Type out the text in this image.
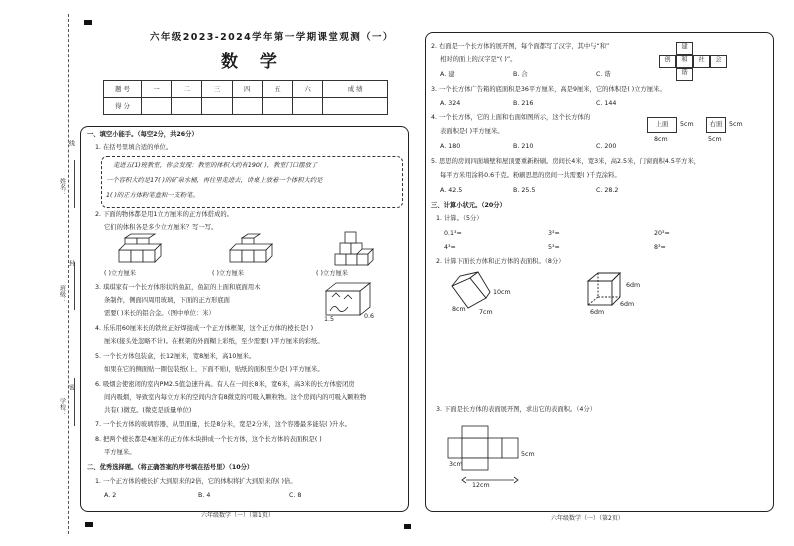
姓名：
班级：
学校：
线
封
密
六年级2023-2024学年第一学期课堂观测（一）
数 学
题 号	一	二	三	四	五	六	成 绩
得 分							
一、填空小能手。（每空2分，共26分）
1. 在括号里填合适的单位。
走进五(1)班教室，你会发现：教室的体积大约有190( )，教室门口摆放了
一个容积大约是17( )的矿泉水桶，再往里走进去，讲桌上放着一个体积大约是
1( )的正方体粉笔盒和一支粉笔。
2. 下面的物体都是用1立方厘米的正方体搭成的。
它们的体积各是多少立方厘米？写一写。
( )立方厘米	( )立方厘米	( )立方厘米
3. 琪琪家有一个长方体形状的鱼缸，鱼缸的上面和底面用木
条制作，侧面四周用玻璃，下面的正方形底面
需要( )米长的铝合金。（图中单位：米）
1.5	0.6
4. 乐乐用60厘米长的铁丝正好焊接成一个正方体框架，这个正方体的棱长是( )
厘米(接头处忽略不计)。在框架的外面糊上彩纸，至少需要( )平方厘米的彩纸。
5. 一个长方体包装盒，长12厘米，宽8厘米，高10厘米。
如果在它的侧面贴一圈包装纸(上、下面不贴)，贴纸的面积至少是( )平方厘米。
6. 吸烟会使密闭的室内PM2.5值急速升高。有人在一间长8米，宽6米，高3米的长方体密闭房
间内吸烟，导致室内每立方米的空间内含有8微克的可吸入颗粒物。这个房间内的可吸入颗粒物
共有( )微克。(微克是质量单位)
7. 一个长方体的玻璃容器，从里面量，长是8分米，宽是2分米，这个容器最多能装( )升水。
8. 把两个棱长都是4厘米的正方体木块拼成一个长方体，这个长方体的表面积是( )
平方厘米。
二、优秀选择题。（将正确答案的序号填在括号里）（10分）
1. 一个正方体的棱长扩大到原来的2倍，它的体积将扩大到原来的( )倍。
A. 2	B. 4	C. 8
六年级数学（一）（第1页）
2. 右面是一个长方体的展开图，每个面都写了汉字，其中与“和”
相对的面上的汉字是“( )”。
A. 建	B. 合	C. 谐
建
创	和	社	会
谐
3. 一个长方体广告箱的底面积是36平方厘米，高是9厘米，它的体积是( )立方厘米。
A. 324	B. 216	C. 144
4. 一个长方体，它的上面和右面如图所示，这个长方体的
表面积是( )平方厘米。
上面	5cm
8cm
右面	5cm
5cm
A. 180	B. 210	C. 200
5. 思思的房间四面墙壁和屋顶要重新粉刷。房间长4米，宽3米，高2.5米，门窗面积4.5平方米，
每平方米用涂料0.6千克。粉刷思思的房间一共需要( )千克涂料。
A. 42.5	B. 25.5	C. 28.2
三、计算小状元。（20分）
1. 计算。（5分）
0.1³=	3³=	20³=
4³=	5³=	8³=
2. 计算下面长方体和正方体的表面积。（8分）
10cm
7cm
8cm
6dm
6dm
6dm
3. 下面是长方体的表面展开图，求出它的表面积。（4分）
3cm
5cm
12cm
六年级数学（一）（第2页）
